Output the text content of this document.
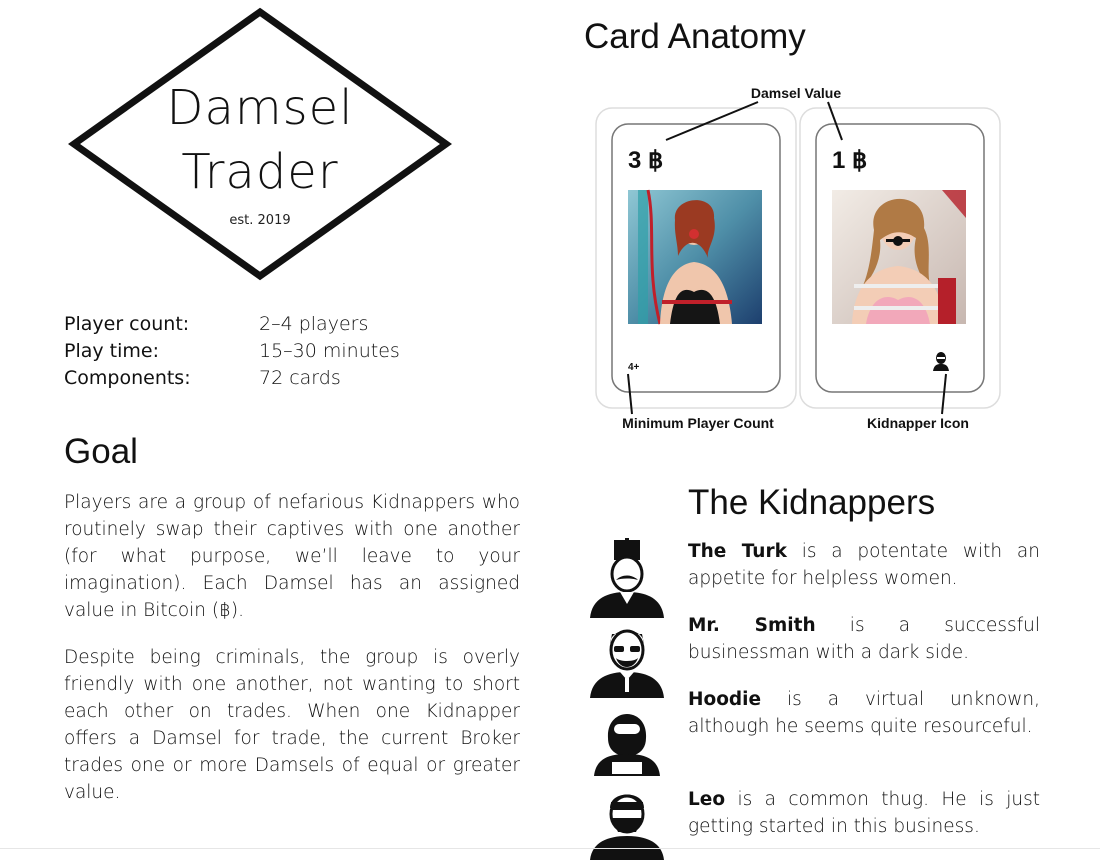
Damsel
Trader
est. 2019
Player count:	2–4 players
Play time:	15–30 minutes
Components:	72 cards
Goal

Players are a group of nefarious Kidnappers who routinely swap their captives with one another (for what purpose, we’ll leave to your imagination). Each Damsel has an assigned value in Bitcoin (฿).

Despite being criminals, the group is overly friendly with one another, not wanting to short each other on trades. When one Kidnapper offers a Damsel for trade, the current Broker trades one or more Damsels of equal or greater value.

Card Anatomy
3 ฿	1 ฿
4+
Damsel Value
Minimum Player Count	Kidnapper Icon
The Kidnappers
The Turk is a potentate with an appetite for helpless women.
Mr. Smith is a successful businessman with a dark side.
Hoodie is a virtual unknown, although he seems quite resourceful.
Leo is a common thug. He is just getting started in this business.
